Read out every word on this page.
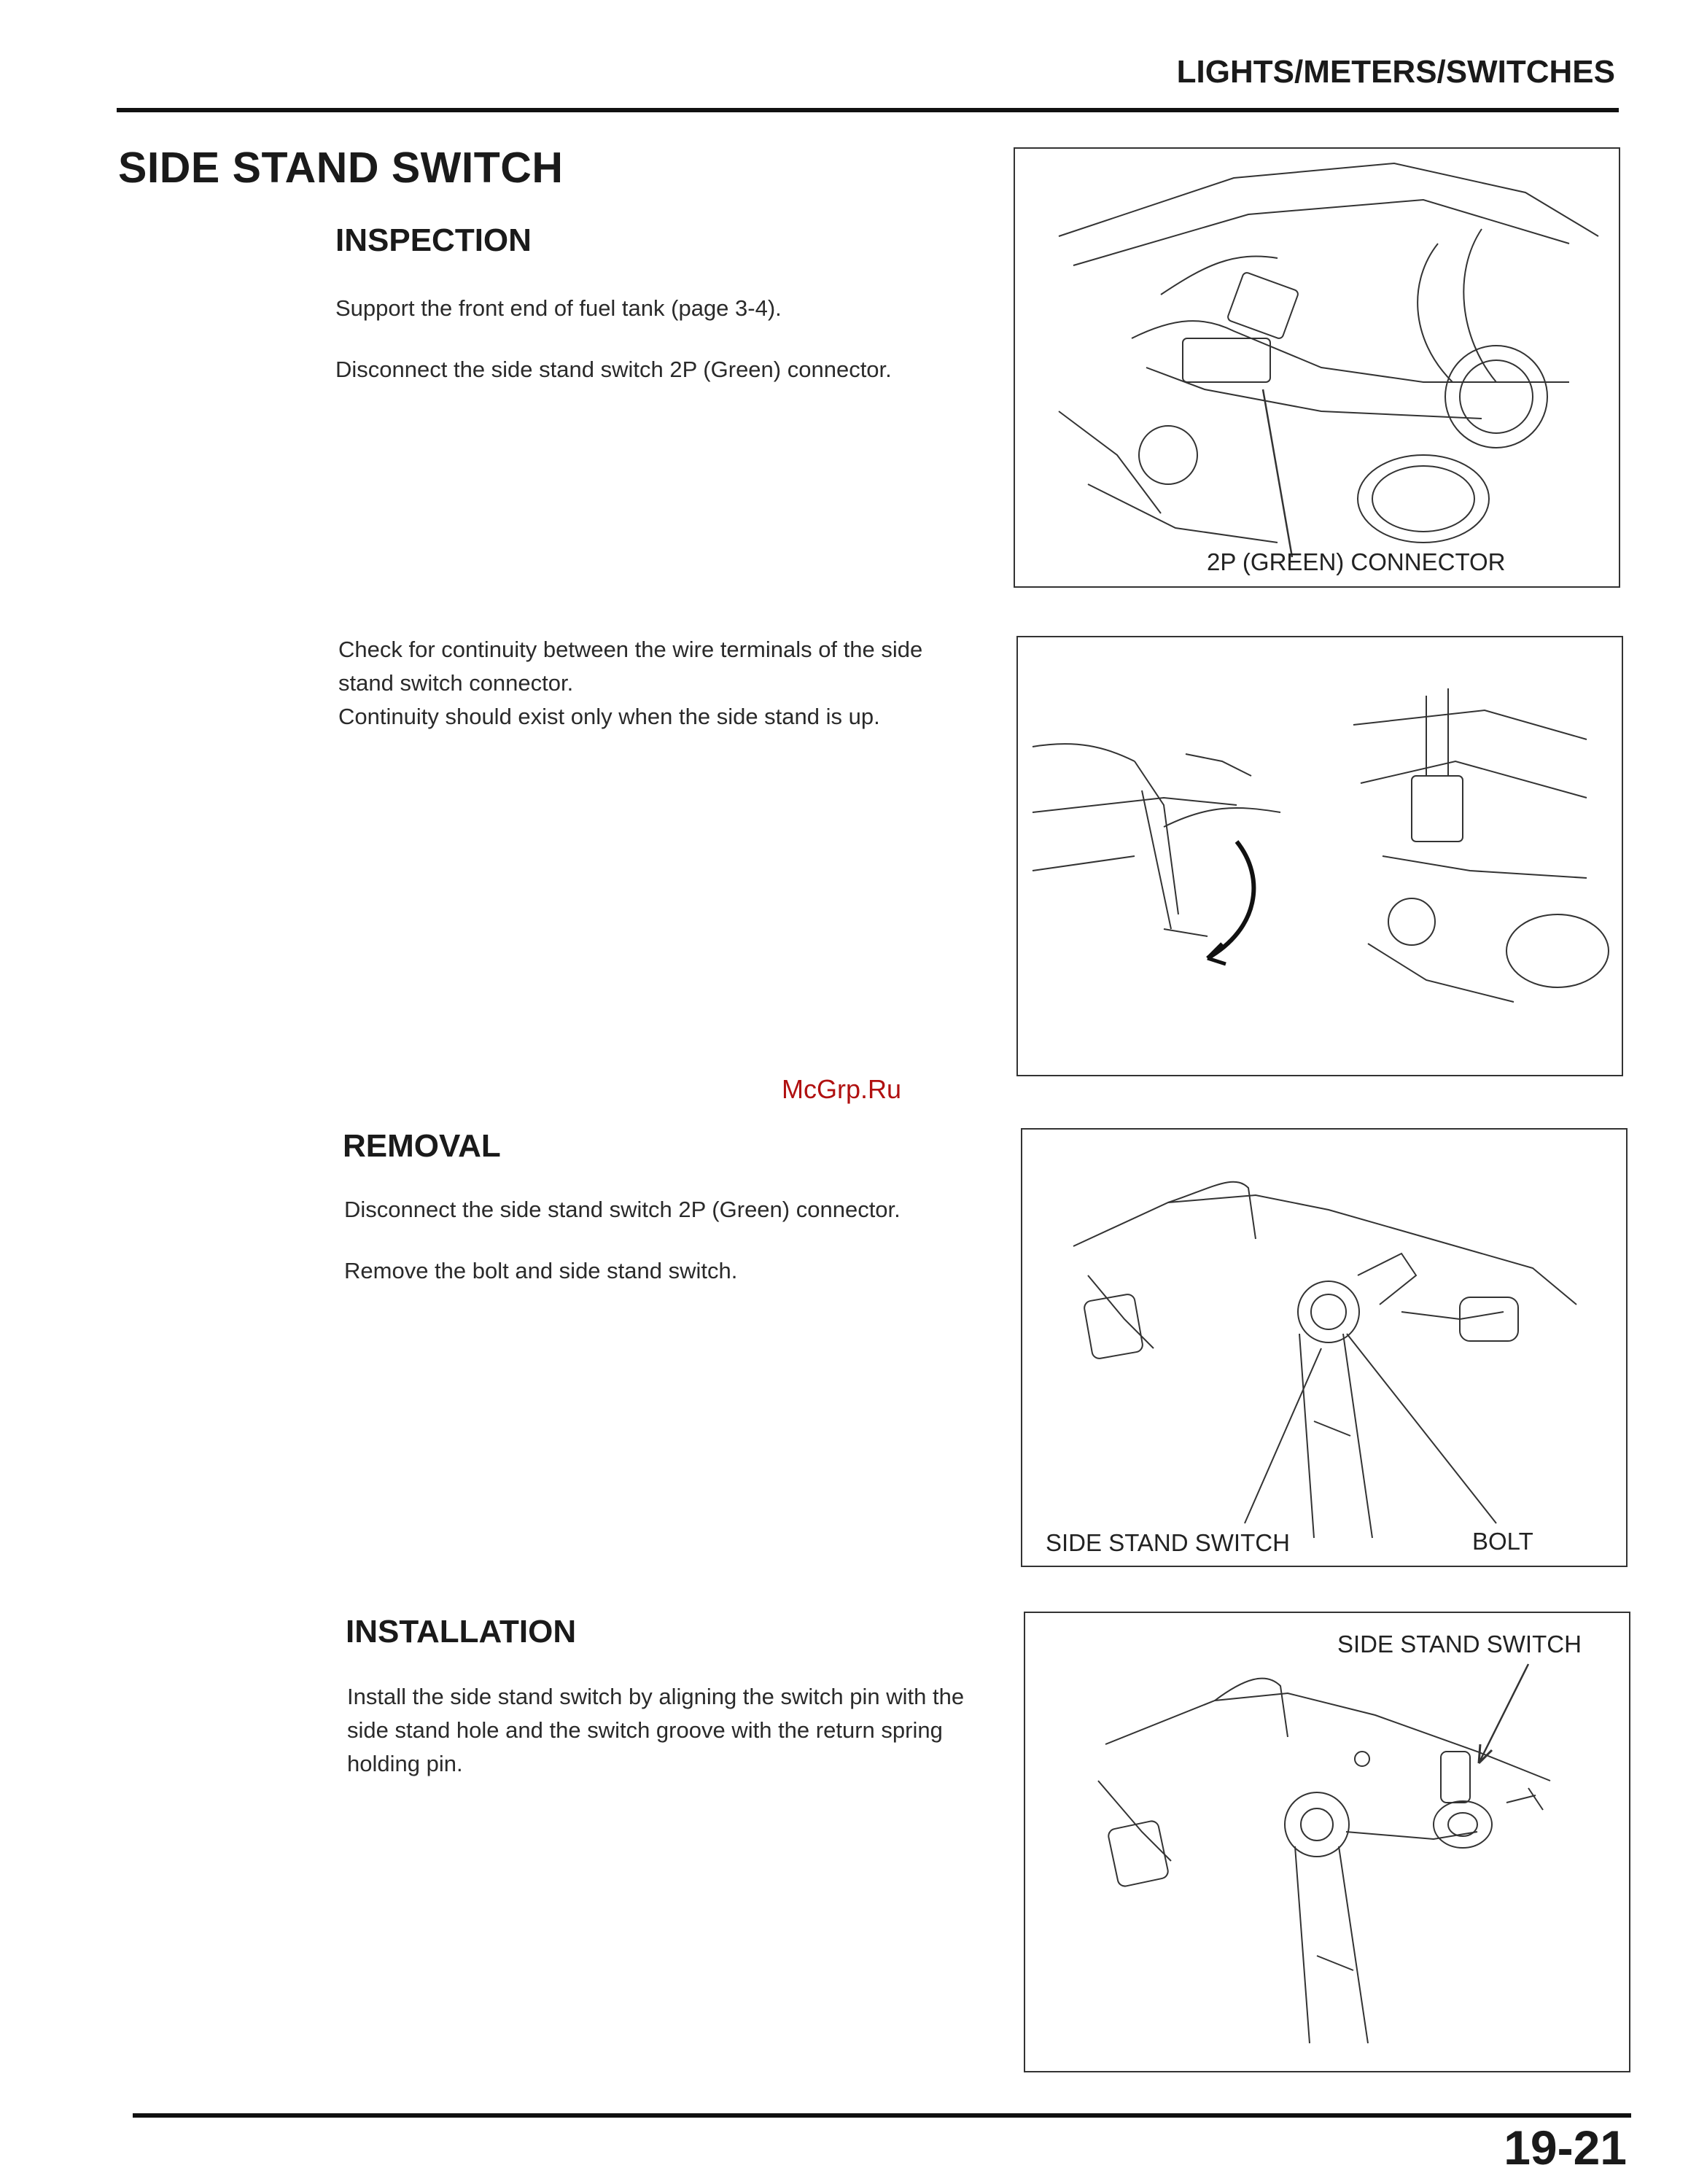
LIGHTS/METERS/SWITCHES
SIDE STAND SWITCH
INSPECTION

Support the front end of fuel tank (page 3-4).

Disconnect the side stand switch 2P (Green) connector.

Check for continuity between the wire terminals of the side stand switch connector.
Continuity should exist only when the side stand is up.
2P (GREEN) CONNECTOR
McGrp.Ru
REMOVAL

Disconnect the side stand switch 2P (Green) connector.

Remove the bolt and side stand switch.

SIDE STAND SWITCH	BOLT
INSTALLATION
Install the side stand switch by aligning the switch pin with the side stand hole and the switch groove with the return spring holding pin.
SIDE STAND SWITCH
19-21
